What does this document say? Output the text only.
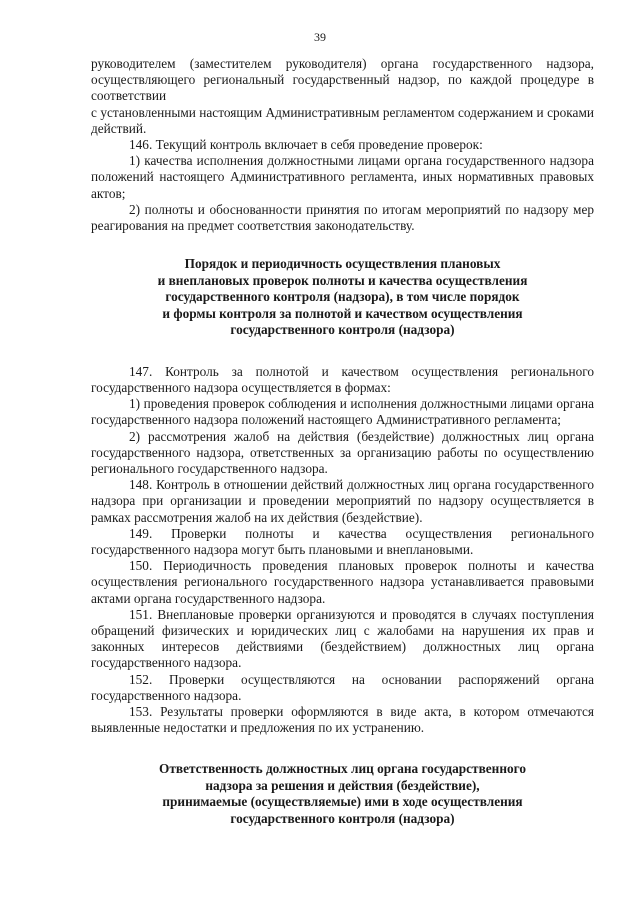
39

руководителем (заместителем руководителя) органа государственного надзора, осуществляющего региональный государственный надзор, по каждой процедуре в соответствии

с установленными настоящим Административным регламентом содержанием и сроками действий.

146. Текущий контроль включает в себя проведение проверок:

1) качества исполнения должностными лицами органа государственного надзора положений настоящего Административного регламента, иных нормативных правовых актов;

2) полноты и обоснованности принятия по итогам мероприятий по надзору мер реагирования на предмет соответствия законодательству.

Порядок и периодичность осуществления плановых
и внеплановых проверок полноты и качества осуществления
государственного контроля (надзора), в том числе порядок
и формы контроля за полнотой и качеством осуществления
государственного контроля (надзора)

147. Контроль за полнотой и качеством осуществления регионального государственного надзора осуществляется в формах:

1) проведения проверок соблюдения и исполнения должностными лицами органа государственного надзора положений настоящего Административного регламента;

2) рассмотрения жалоб на действия (бездействие) должностных лиц органа государственного надзора, ответственных за организацию работы по осуществлению регионального государственного надзора.

148. Контроль в отношении действий должностных лиц органа государственного надзора при организации и проведении мероприятий по надзору осуществляется в рамках рассмотрения жалоб на их действия (бездействие).

149. Проверки полноты и качества осуществления регионального государственного надзора могут быть плановыми и внеплановыми.

150. Периодичность проведения плановых проверок полноты и качества осуществления регионального государственного надзора устанавливается правовыми актами органа государственного надзора.

151. Внеплановые проверки организуются и проводятся в случаях поступления обращений физических и юридических лиц с жалобами на нарушения их прав и законных интересов действиями (бездействием) должностных лиц органа государственного надзора.

152. Проверки осуществляются на основании распоряжений органа государственного надзора.

153. Результаты проверки оформляются в виде акта, в котором отмечаются выявленные недостатки и предложения по их устранению.

Ответственность должностных лиц органа государственного
надзора за решения и действия (бездействие),
принимаемые (осуществляемые) ими в ходе осуществления
государственного контроля (надзора)
